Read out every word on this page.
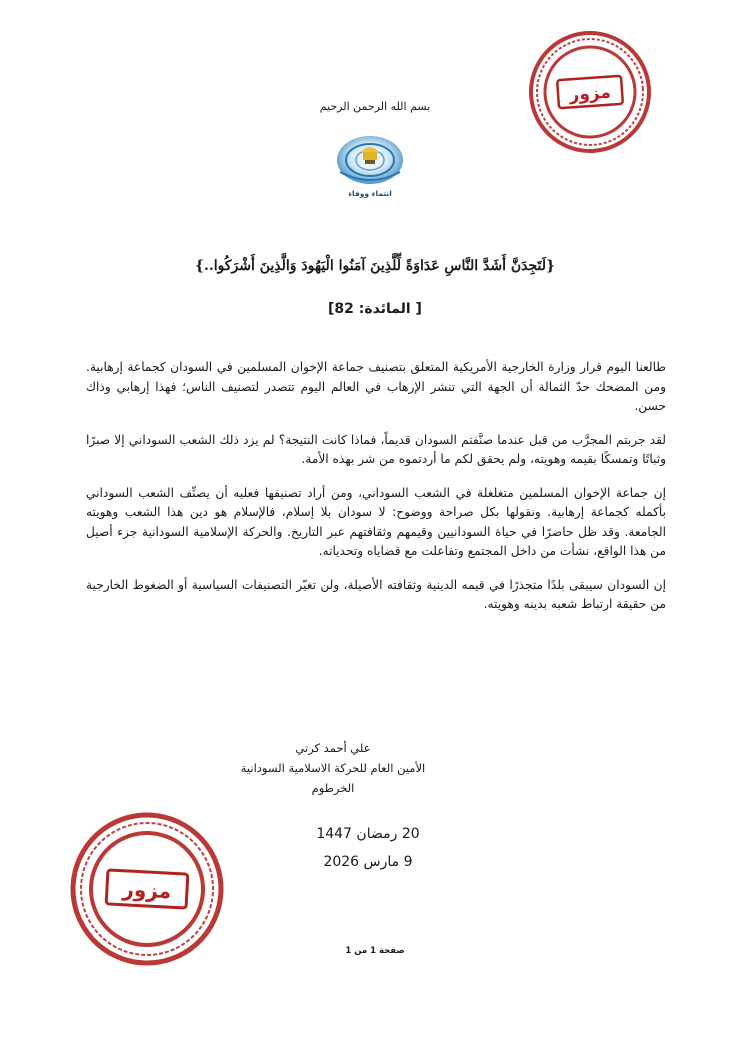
بسم الله الرحمن الرحيم
انتماء ووفاء
{لَتَجِدَنَّ أَشَدَّ النَّاسِ عَدَاوَةً لِّلَّذِينَ آمَنُوا الْيَهُودَ وَالَّذِينَ أَشْرَكُوا..}
[ المائدة: 82]

طالعنا اليوم قرار وزارة الخارجية الأمريكية المتعلق بتصنيف جماعة الإخوان المسلمين في السودان كجماعة إرهابية. ومن المضحك حدّ الثمالة أن الجهة التي تنشر الإرهاب في العالم اليوم تتصدر لتصنيف الناس؛ فهذا إرهابي وذاك حسن.

لقد جربتم المجرَّب من قبل عندما صنَّفتم السودان قديماً، فماذا كانت النتيجة؟ لم يزد ذلك الشعب السوداني إلا صبرًا وثباتًا وتمسكًا بقيمه وهويته، ولم يحقق لكم ما أردتموه من شر بهذه الأمة.

إن جماعة الإخوان المسلمين متغلغلة في الشعب السوداني، ومن أراد تصنيفها فعليه أن يصنِّف الشعب السوداني بأكمله كجماعة إرهابية. ونقولها بكل صراحة ووضوح: لا سودان بلا إسلام، فالإسلام هو دين هذا الشعب وهويته الجامعة. وقد ظل حاضرًا في حياة السودانيين وقيمهم وثقافتهم عبر التاريخ. والحركة الإسلامية السودانية جزء أصيل من هذا الواقع، نشأت من داخل المجتمع وتفاعلت مع قضاياه وتحدياته.

إن السودان سيبقى بلدًا متجذرًا في قيمه الدينية وثقافته الأصيلة، ولن تغيّر التصنيفات السياسية أو الضغوط الخارجية من حقيقة ارتباط شعبه بدينه وهويته.

علي أحمد كرتي
الأمين العام للحركة الاسلامية السودانية
الخرطوم
20 رمضان 1447
9 مارس 2026
صفحة 1 من 1
مزور
مزور
